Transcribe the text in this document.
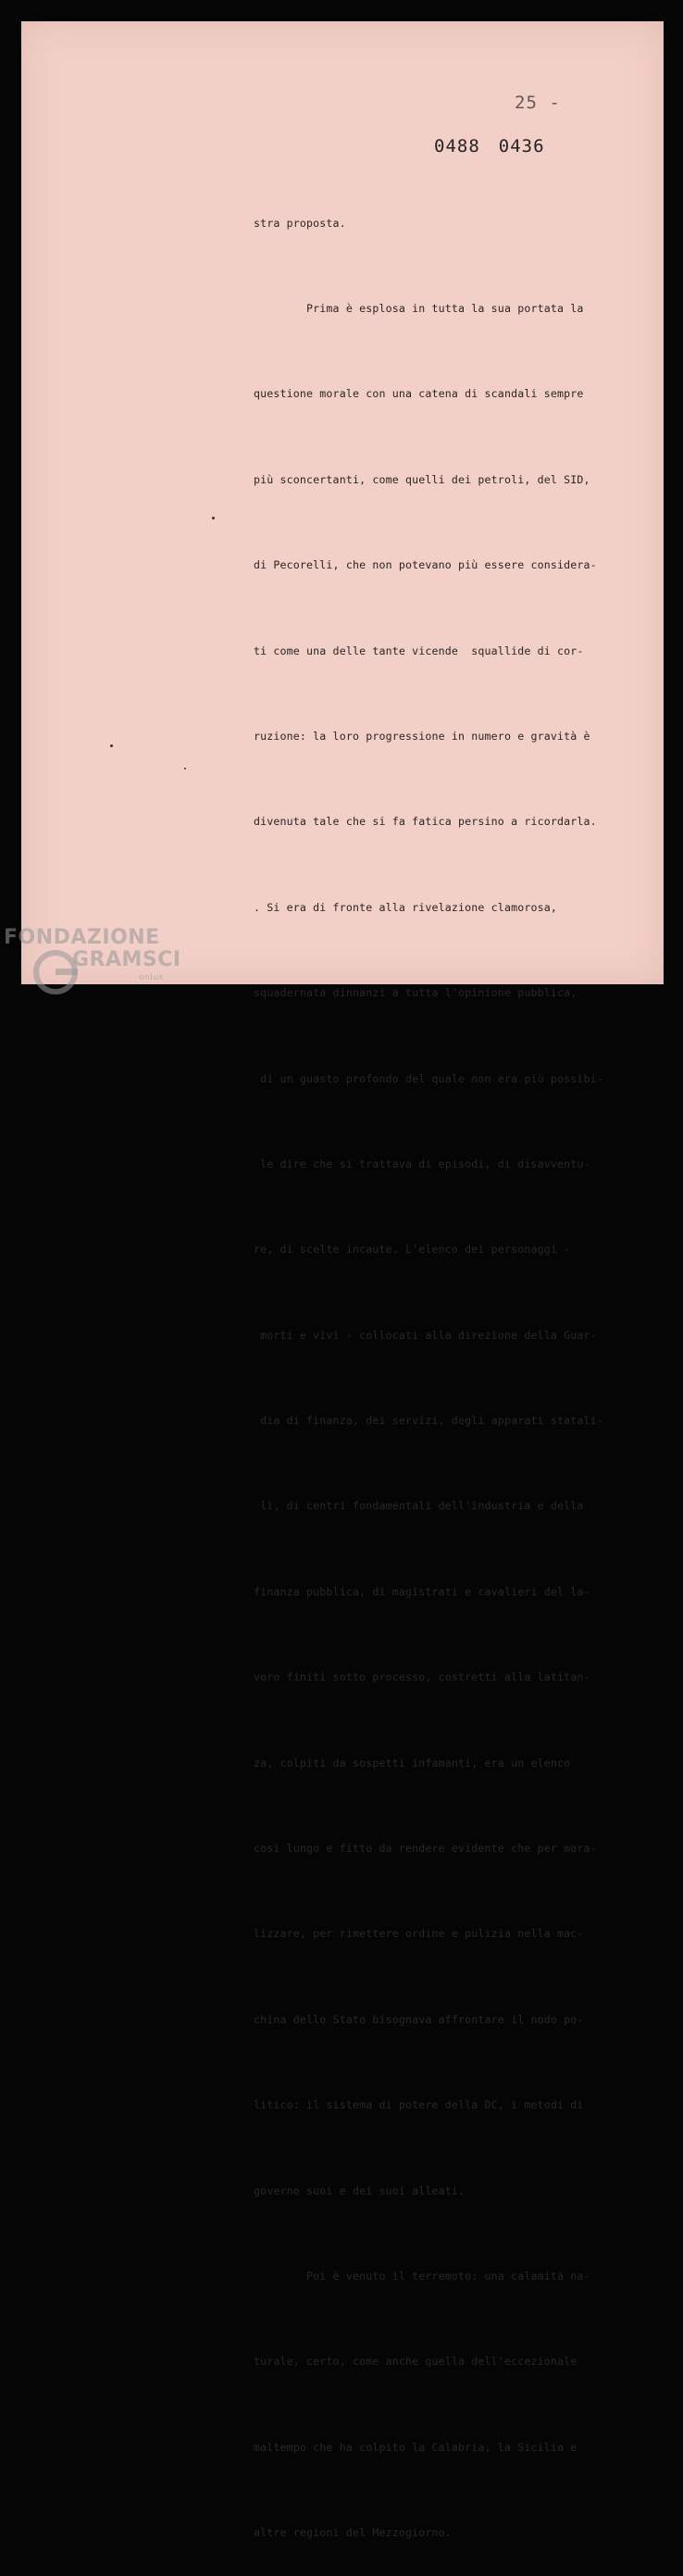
25 -
0488 0436

stra proposta.

Prima è esplosa in tutta la sua portata la

questione morale con una catena di scandali sempre

più sconcertanti, come quelli dei petroli, del SID,

di Pecorelli, che non potevano più essere considera-

ti come una delle tante vicende  squallide di cor-

ruzione: la loro progressione in numero e gravità è

divenuta tale che si fa fatica persino a ricordarla.

. Si era di fronte alla rivelazione clamorosa,

squadernata dinnanzi a tutta l'opinione pubblica,

di un guasto profondo del quale non era più possibi-

le dire che si trattava di episodi, di disavventu-

re, di scelte incaute. L'elenco dei personaggi -

morti e vivi - collocati alla direzione della Guar-

dia di finanza, dei servizi, degli apparati statali-

li, di centri fondamentali dell'industria e della

finanza pubblica, di magistrati e cavalieri del la-

voro finiti sotto processo, costretti alla latitan-

za, colpiti da sospetti infamanti, era un elenco

così lungo e fitto da rendere evidente che per mora-

lizzare, per rimettere ordine e pulizia nella mac-

china dello Stato bisognava affrontare il nodo po-

litico: il sistema di potere della DC, i metodi di

governo suoi e dei suoi alleati.

Poi è venuto il terremoto: una calamità na-

turale, certo, come anche quella dell'eccezionale

maltempo che ha colpito la Calabria, la Sicilia e

altre regioni del Mezzogiorno.

FONDAZIONE
GRAMSCI
onlus
